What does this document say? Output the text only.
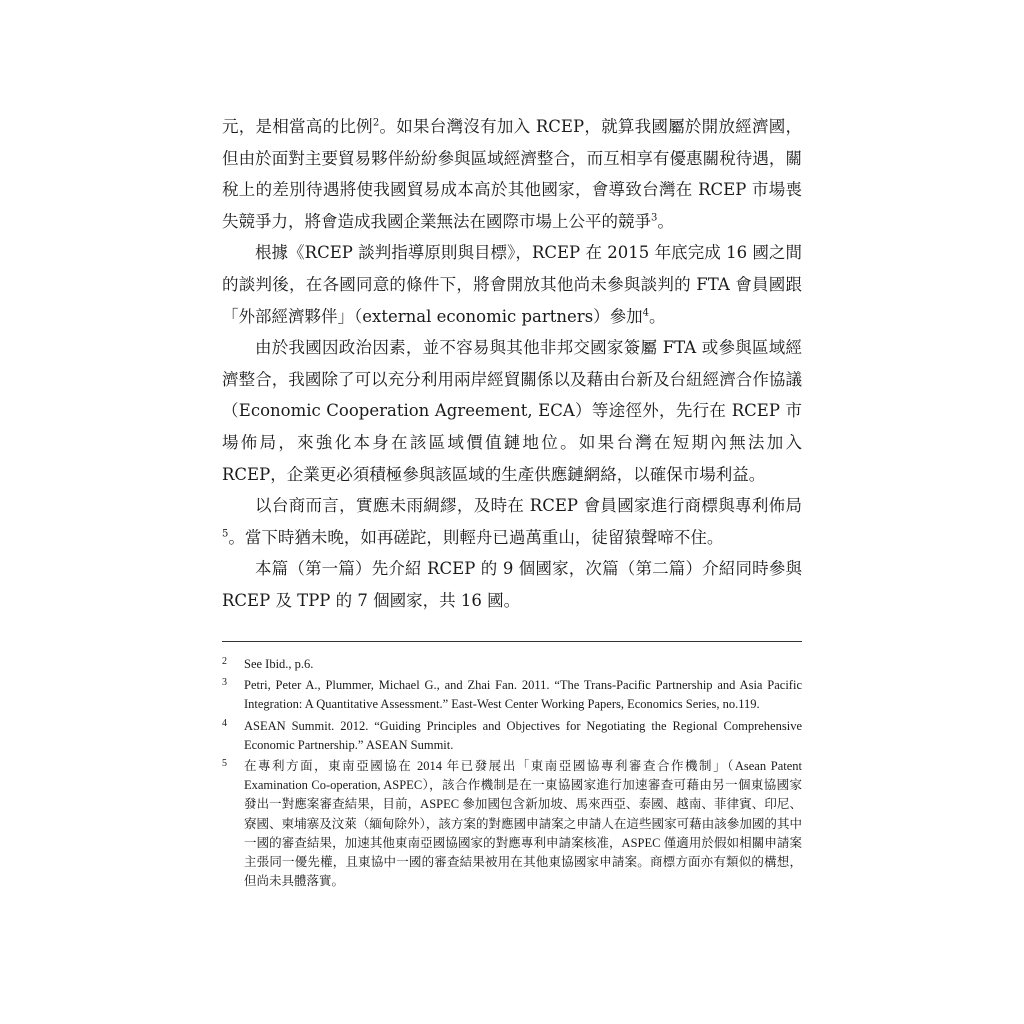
元，是相當高的比例$^2$。如果台灣沒有加入 RCEP，就算我國屬於開放經濟國，但由於面對主要貿易夥伴紛紛參與區域經濟整合，而互相享有優惠關稅待遇，關稅上的差別待遇將使我國貿易成本高於其他國家，會導致台灣在 RCEP 市場喪失競爭力，將會造成我國企業無法在國際市場上公平的競爭$^3$。

根據《RCEP 談判指導原則與目標》，RCEP 在 2015 年底完成 16 國之間的談判後，在各國同意的條件下，將會開放其他尚未參與談判的 FTA 會員國跟「外部經濟夥伴」（external economic partners）參加$^4$。

由於我國因政治因素，並不容易與其他非邦交國家簽屬 FTA 或參與區域經濟整合，我國除了可以充分利用兩岸經貿關係以及藉由台新及台紐經濟合作協議 （Economic Cooperation Agreement, ECA）等途徑外，先行在 RCEP 市場佈局，來強化本身在該區域價值鏈地位。如果台灣在短期內無法加入 RCEP，企業更必須積極參與該區域的生產供應鏈網絡，以確保市場利益。

以台商而言，實應未雨綢繆，及時在 RCEP 會員國家進行商標與專利佈局$^5$。當下時猶未晚，如再磋跎，則輕舟已過萬重山，徒留猿聲啼不住。

本篇（第一篇）先介紹 RCEP 的 9 個國家，次篇（第二篇）介紹同時參與 RCEP 及 TPP 的 7 個國家，共 16 國。

2 See Ibid., p.6.
3 Petri, Peter A., Plummer, Michael G., and Zhai Fan. 2011. “The Trans-Pacific Partnership and Asia Pacific Integration: A Quantitative Assessment.” East-West Center Working Papers, Economics Series, no.119.
4 ASEAN Summit. 2012. “Guiding Principles and Objectives for Negotiating the Regional Comprehensive Economic Partnership.” ASEAN Summit.
5 在專利方面，東南亞國協在 2014 年已發展出「東南亞國協專利審查合作機制」（Asean Patent Examination Co-operation, ASPEC），該合作機制是在一東協國家進行加速審查可藉由另一個東協國家發出一對應案審查結果，目前，ASPEC 參加國包含新加坡、馬來西亞、泰國、越南、菲律賓、印尼、寮國、柬埔寨及汶萊（緬甸除外），該方案的對應國申請案之申請人在這些國家可藉由該參加國的其中一國的審查結果，加速其他東南亞國協國家的對應專利申請案核准，ASPEC 僅適用於假如相關申請案主張同一優先權，且東協中一國的審查結果被用在其他東協國家申請案。商標方面亦有類似的構想，但尚未具體落實。
